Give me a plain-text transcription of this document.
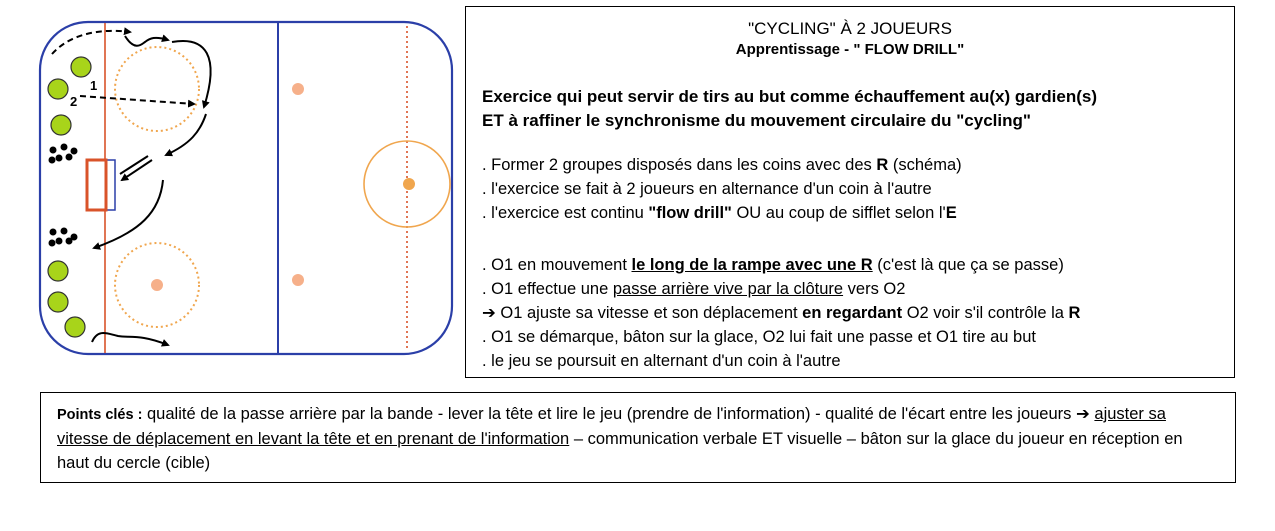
1
2
"CYCLING" À 2 JOUEURS
Apprentissage - " FLOW DRILL"
Exercice qui peut servir de tirs au but comme échauffement au(x) gardien(s)
ET à raffiner le synchronisme du mouvement circulaire du "cycling"
. Former 2 groupes disposés dans les coins avec des R (schéma)
. l'exercice se fait à 2 joueurs en alternance d'un coin à l'autre
. l'exercice est continu "flow drill" OU au coup de sifflet selon l'E
. O1 en mouvement le long de la rampe avec une R (c'est là que ça se passe)
. O1 effectue une passe arrière vive par la clôture vers O2
➔ O1 ajuste sa vitesse et son déplacement en regardant O2 voir s'il contrôle la R
. O1 se démarque, bâton sur la glace, O2 lui fait une passe et O1 tire au but
. le jeu se poursuit en alternant d'un coin à l'autre
Points clés : qualité de la passe arrière par la bande - lever la tête et lire le jeu (prendre de l'information) - qualité de l'écart entre les joueurs ➔ ajuster sa vitesse de déplacement en levant la tête et en prenant de l'information – communication verbale ET visuelle – bâton sur la glace du joueur en réception en haut du cercle (cible)
